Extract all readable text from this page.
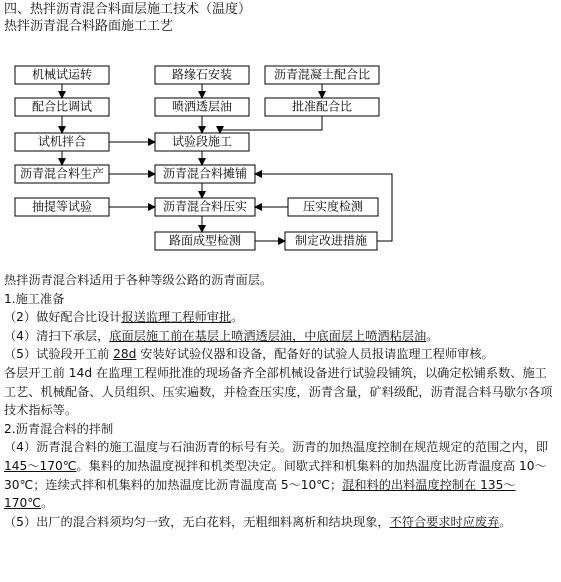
四、热拌沥青混合料面层施工技术（温度）
热拌沥青混合料路面施工工艺
机械试运转
配合比调试
试机拌合
沥青混合料生产
抽提等试验
路缘石安装
喷洒透层油
试验段施工
沥青混合料摊铺
沥青混合料压实
路面成型检测
沥青混凝土配合比
批准配合比
压实度检测
制定改进措施

热拌沥青混合料适用于各种等级公路的沥青面层。

1.施工准备

（2）做好配合比设计报送监理工程师审批。

（4）清扫下承层，底面层施工前在基层上喷洒透层油，中底面层上喷洒粘层油。

（5）试验段开工前 28d 安装好试验仪器和设备，配备好的试验人员报请监理工程师审核。

各层开工前 14d 在监理工程师批准的现场备齐全部机械设备进行试验段铺筑，以确定松铺系数、施工工艺、机械配备、人员组织、压实遍数，并检查压实度，沥青含量，矿料级配，沥青混合料马歇尔各项技术指标等。

2.沥青混合料的拌制

（4）沥青混合料的施工温度与石油沥青的标号有关。沥青的加热温度控制在规范规定的范围之内，即 145～170℃。集料的加热温度视拌和机类型决定。间歇式拌和机集料的加热温度比沥青温度高 10～30℃；连续式拌和机集料的加热温度比沥青温度高 5～10℃；混和料的出料温度控制在 135～170℃。

（5）出厂的混合料须均匀一致，无白花料，无粗细料离析和结块现象，不符合要求时应废弃。
